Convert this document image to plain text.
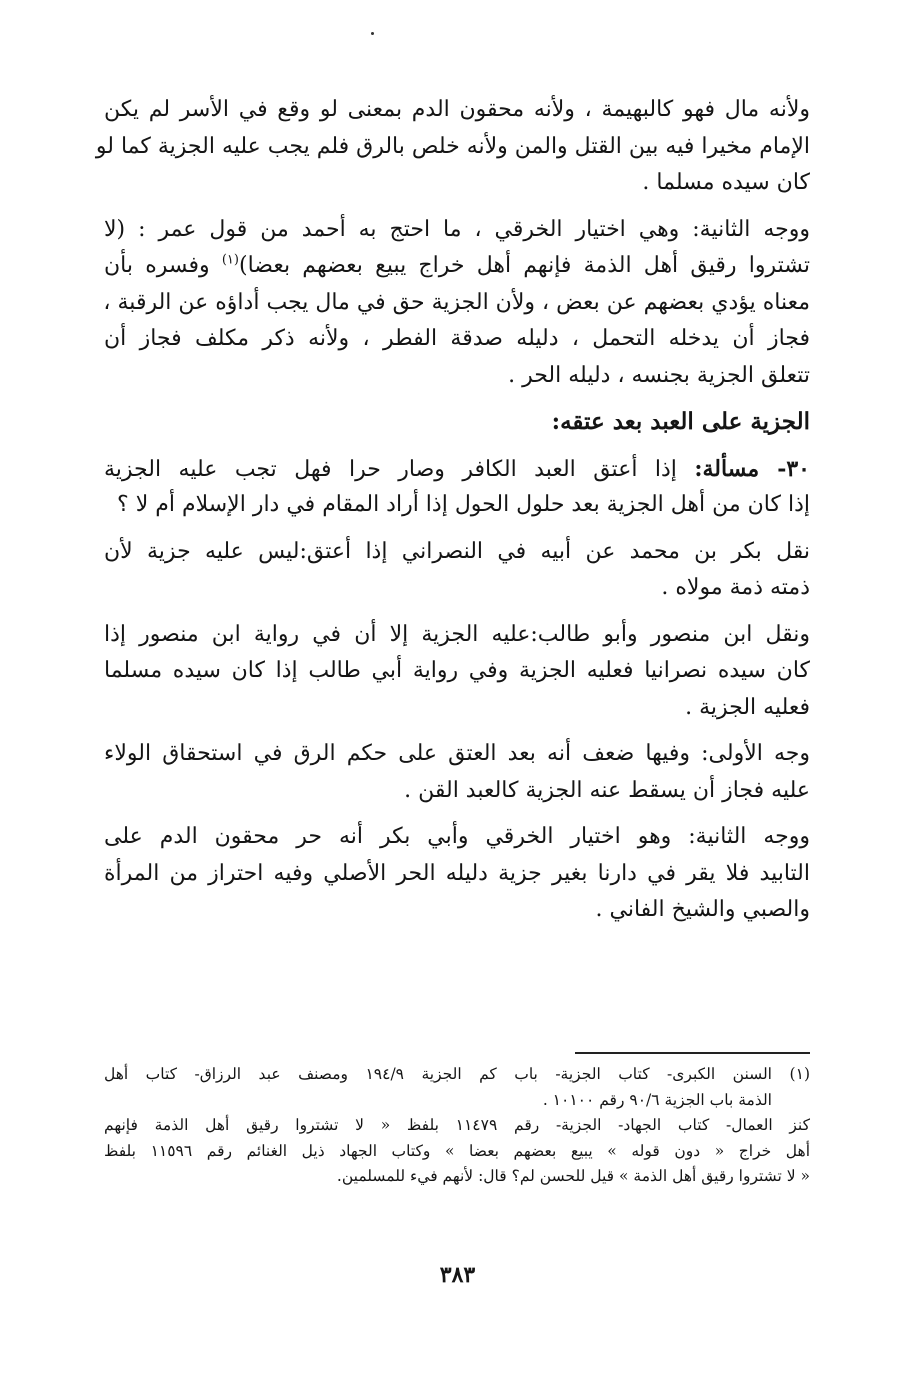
ولأنه مال فهو كالبهيمة ، ولأنه محقون الدم بمعنى لو وقع في الأسر لم يكن
الإمام مخيرا فيه بين القتل والمن ولأنه خلص بالرق فلم يجب عليه الجزية كما لو
كان سيده مسلما .
ووجه الثانية: وهي اختيار الخرقي ، ما احتج به أحمد من قول عمر : (لا
تشتروا رقيق أهل الذمة فإنهم أهل خراج يبيع بعضهم بعضا)$^{(١)}$ وفسره بأن
معناه يؤدي بعضهم عن بعض ، ولأن الجزية حق في مال يجب أداؤه عن الرقبة ،
فجاز أن يدخله التحمل ، دليله صدقة الفطر ، ولأنه ذكر مكلف فجاز أن
تتعلق الجزية بجنسه ، دليله الحر .
الجزية على العبد بعد عتقه:
٣٠- مسألة: إذا أعتق العبد الكافر وصار حرا فهل تجب عليه الجزية
إذا كان من أهل الجزية بعد حلول الحول إذا أراد المقام في دار الإسلام أم لا ؟
نقل بكر بن محمد عن أبيه في النصراني إذا أعتق:ليس عليه جزية لأن
ذمته ذمة مولاه .
ونقل ابن منصور وأبو طالب:عليه الجزية إلا أن في رواية ابن منصور إذا
كان سيده نصرانيا فعليه الجزية وفي رواية أبي طالب إذا كان سيده مسلما
فعليه الجزية .
وجه الأولى: وفيها ضعف أنه بعد العتق على حكم الرق في استحقاق الولاء
عليه فجاز أن يسقط عنه الجزية كالعبد القن .
ووجه الثانية: وهو اختيار الخرقي وأبي بكر أنه حر محقون الدم على
التابيد فلا يقر في دارنا بغير جزية دليله الحر الأصلي وفيه احتراز من المرأة
والصبي والشيخ الفاني .
(١)السنن الكبرى- كتاب الجزية- باب كم الجزية ١٩٤/٩ ومصنف عبد الرزاق- كتاب أهل
الذمة باب الجزية ٩٠/٦ رقم ١٠١٠٠ .
كنز العمال- كتاب الجهاد- الجزية- رقم ١١٤٧٩ بلفظ « لا تشتروا رقيق أهل الذمة فإنهم
أهل خراج « دون قوله » يبيع بعضهم بعضا » وكتاب الجهاد ذيل الغنائم رقم ١١٥٩٦ بلفظ
« لا تشتروا رقيق أهل الذمة » قيل للحسن لم؟ قال: لأنهم فيء للمسلمين.
٣٨٣
